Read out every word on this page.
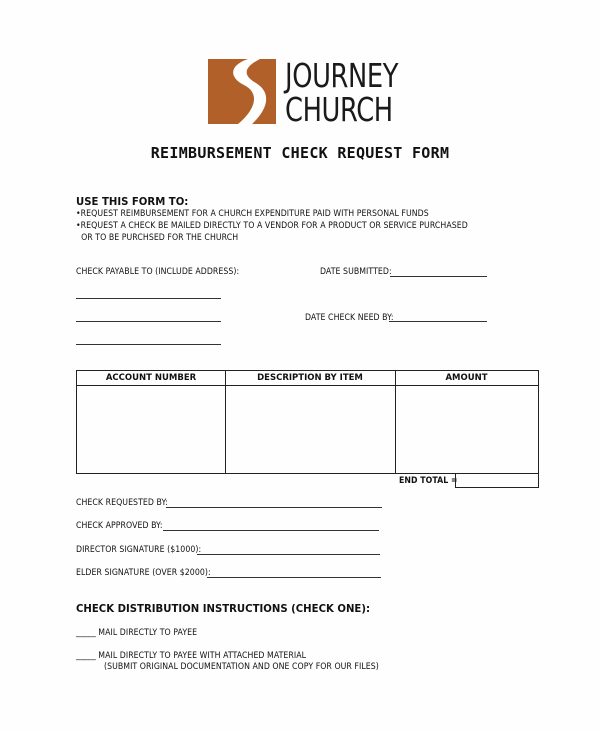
JOURNEY
CHURCH
REIMBURSEMENT CHECK REQUEST FORM
USE THIS FORM TO:
•REQUEST REIMBURSEMENT FOR A CHURCH EXPENDITURE PAID WITH PERSONAL FUNDS
•REQUEST A CHECK BE MAILED DIRECTLY TO A VENDOR FOR A PRODUCT OR SERVICE PURCHASED
OR TO BE PURCHSED FOR THE CHURCH
CHECK PAYABLE TO (INCLUDE ADDRESS):	DATE SUBMITTED:
DATE CHECK NEED BY:
ACCOUNT NUMBER	DESCRIPTION BY ITEM	AMOUNT
END TOTAL =
CHECK REQUESTED BY:
CHECK APPROVED BY:
DIRECTOR SIGNATURE ($1000):
ELDER SIGNATURE (OVER $2000):
CHECK DISTRIBUTION INSTRUCTIONS (CHECK ONE):
_____ MAIL DIRECTLY TO PAYEE
_____ MAIL DIRECTLY TO PAYEE WITH ATTACHED MATERIAL
(SUBMIT ORIGINAL DOCUMENTATION AND ONE COPY FOR OUR FILES)
